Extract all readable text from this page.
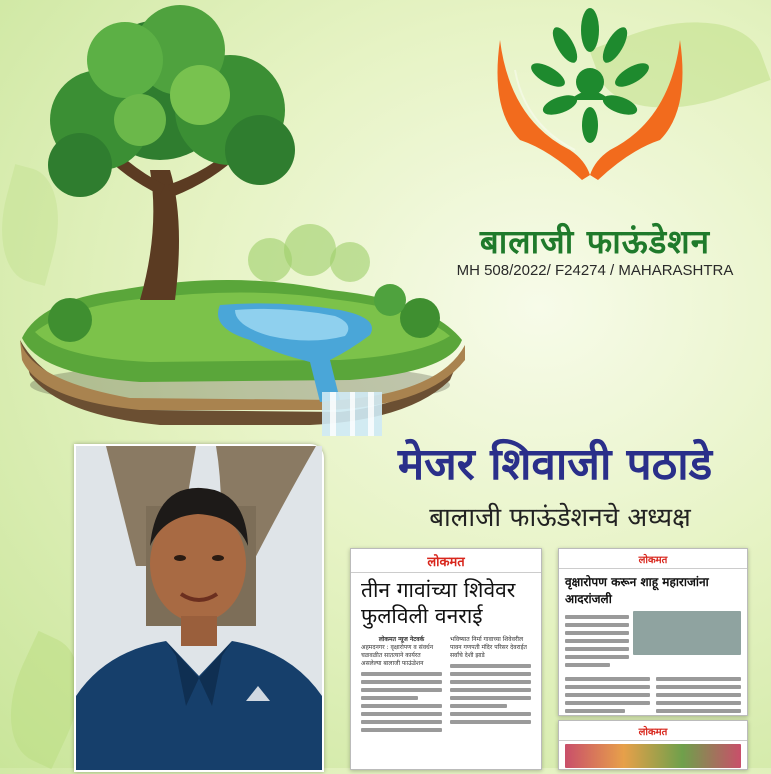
बालाजी फाऊंडेशन
MH 508/2022/ F24274 / MAHARASHTRA
मेजर शिवाजी पठाडे
बालाजी फाऊंडेशनचे अध्यक्ष
लोकमत
तीन गावांच्या शिवेवर
फुलविली वनराई
लोकमत न्यूज नेटवर्क
अहमदनगर : वृक्षारोपण व संवर्धन चळवळीत सातत्याने कार्यरत असलेल्या बालाजी फाऊंडेशन
भविष्यात निर्मा गावाच्या शिवेवरील पावन गणपती मंदिर परिसर देवराईत सर्वांचे देशी झाडे
लोकमत
वृक्षारोपण करून शाहू महाराजांना आदरांजली
लोकमत
